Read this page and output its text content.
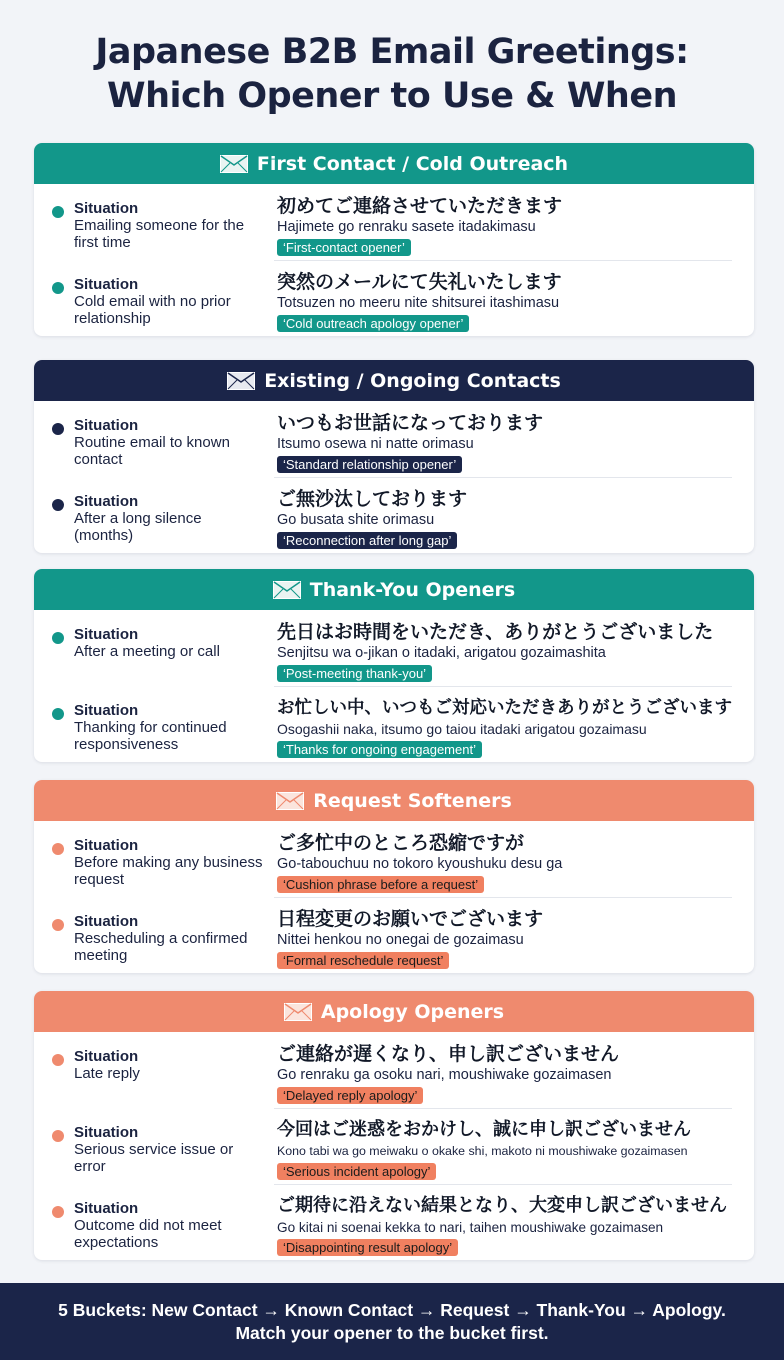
Japanese B2B Email Greetings:
Which Opener to Use & When
First Contact / Cold Outreach
Situation
Emailing someone for the first time
初めてご連絡させていただきます
Hajimete go renraku sasete itadakimasu
‘First-contact opener’
Situation
Cold email with no prior relationship
突然のメールにて失礼いたします
Totsuzen no meeru nite shitsurei itashimasu
‘Cold outreach apology opener’
Existing / Ongoing Contacts
Situation
Routine email to known contact
いつもお世話になっております
Itsumo osewa ni natte orimasu
‘Standard relationship opener’
Situation
After a long silence (months)
ご無沙汰しております
Go busata shite orimasu
‘Reconnection after long gap’
Thank-You Openers
Situation
After a meeting or call
先日はお時間をいただき、ありがとうございました
Senjitsu wa o-jikan o itadaki, arigatou gozaimashita
‘Post-meeting thank-you’
Situation
Thanking for continued responsiveness
お忙しい中、いつもご対応いただきありがとうございます
Osogashii naka, itsumo go taiou itadaki arigatou gozaimasu
‘Thanks for ongoing engagement’
Request Softeners
Situation
Before making any business request
ご多忙中のところ恐縮ですが
Go-tabouchuu no tokoro kyoushuku desu ga
‘Cushion phrase before a request’
Situation
Rescheduling a confirmed meeting
日程変更のお願いでございます
Nittei henkou no onegai de gozaimasu
‘Formal reschedule request’
Apology Openers
Situation
Late reply
ご連絡が遅くなり、申し訳ございません
Go renraku ga osoku nari, moushiwake gozaimasen
‘Delayed reply apology’
Situation
Serious service issue or error
今回はご迷惑をおかけし、誠に申し訳ございません
Kono tabi wa go meiwaku o okake shi, makoto ni moushiwake gozaimasen
‘Serious incident apology’
Situation
Outcome did not meet expectations
ご期待に沿えない結果となり、大変申し訳ございません
Go kitai ni soenai kekka to nari, taihen moushiwake gozaimasen
‘Disappointing result apology’
5 Buckets: New Contact → Known Contact → Request → Thank-You → Apology.
Match your opener to the bucket first.
